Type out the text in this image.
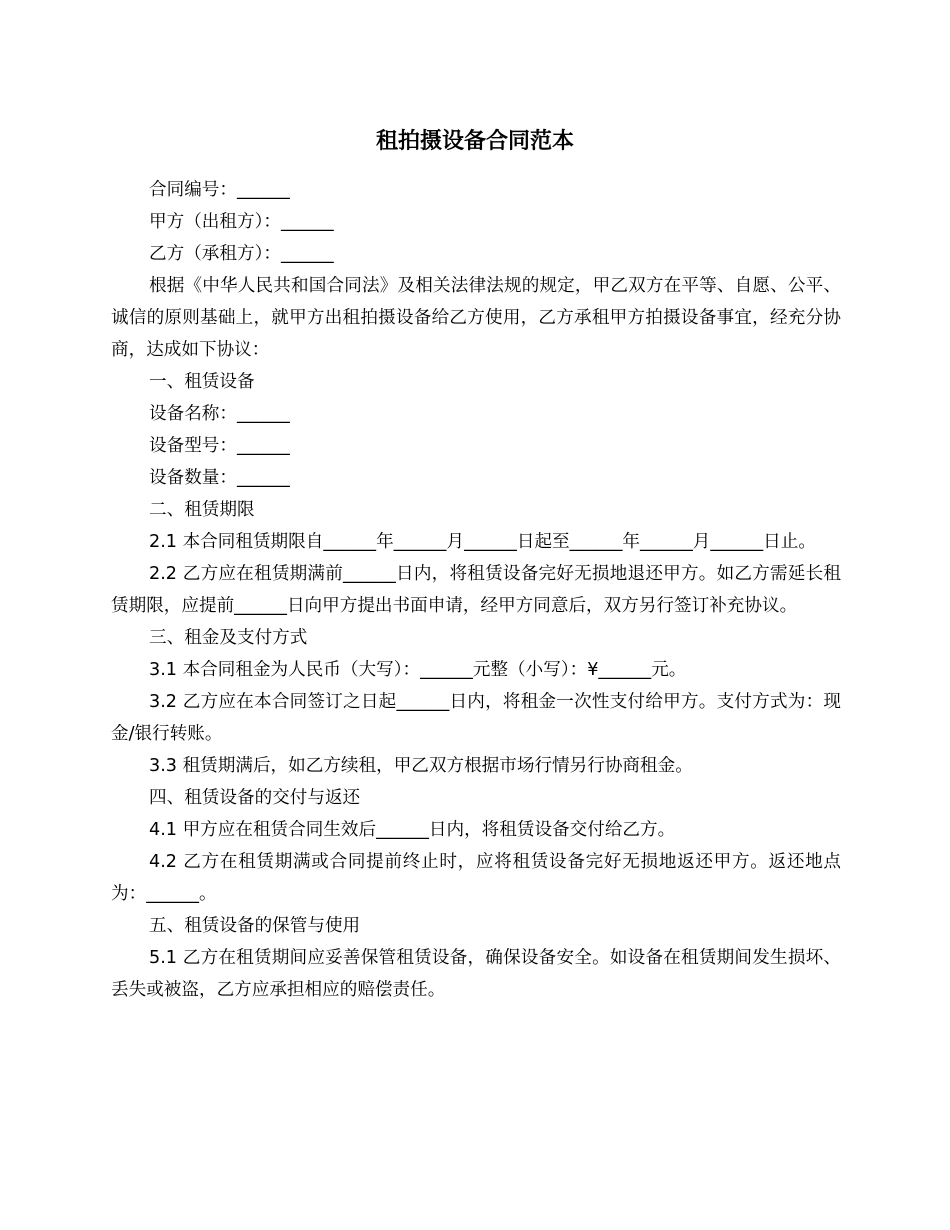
租拍摄设备合同范本

合同编号：______

甲方（出租方）：______

乙方（承租方）：______

根据《中华人民共和国合同法》及相关法律法规的规定，甲乙双方在平等、自愿、公平、诚信的原则基础上，就甲方出租拍摄设备给乙方使用，乙方承租甲方拍摄设备事宜，经充分协商，达成如下协议：

一、租赁设备

设备名称：______

设备型号：______

设备数量：______

二、租赁期限

2.1 本合同租赁期限自______年______月______日起至______年______月______日止。

2.2 乙方应在租赁期满前______日内，将租赁设备完好无损地退还甲方。如乙方需延长租赁期限，应提前______日向甲方提出书面申请，经甲方同意后，双方另行签订补充协议。

三、租金及支付方式

3.1 本合同租金为人民币（大写）：______元整（小写）：¥______元。

3.2 乙方应在本合同签订之日起______日内，将租金一次性支付给甲方。支付方式为：现金/银行转账。

3.3 租赁期满后，如乙方续租，甲乙双方根据市场行情另行协商租金。

四、租赁设备的交付与返还

4.1 甲方应在租赁合同生效后______日内，将租赁设备交付给乙方。

4.2 乙方在租赁期满或合同提前终止时，应将租赁设备完好无损地返还甲方。返还地点为：______。

五、租赁设备的保管与使用

5.1 乙方在租赁期间应妥善保管租赁设备，确保设备安全。如设备在租赁期间发生损坏、丢失或被盗，乙方应承担相应的赔偿责任。
